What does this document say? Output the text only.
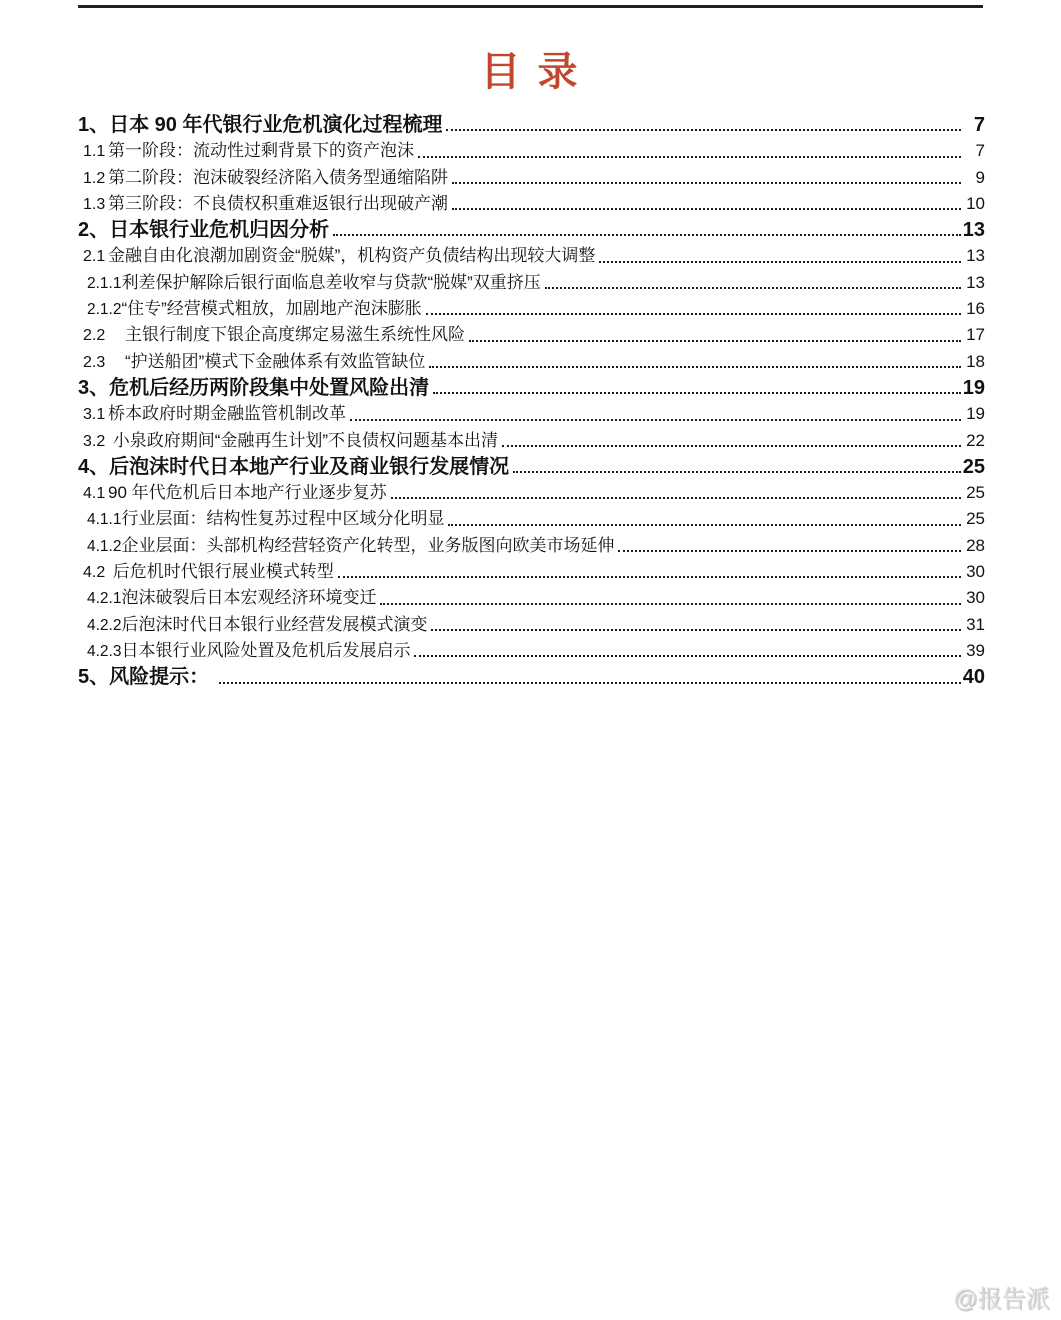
目 录
1、 日本 90 年代银行业危机演化过程梳理	7
1.1 第一阶段：流动性过剩背景下的资产泡沫	7
1.2 第二阶段：泡沫破裂经济陷入债务型通缩陷阱	9
1.3 第三阶段：不良债权积重难返银行出现破产潮	10
2、 日本银行业危机归因分析	13
2.1 金融自由化浪潮加剧资金“脱媒”，机构资产负债结构出现较大调整	13
2.1.1 利差保护解除后银行面临息差收窄与贷款“脱媒”双重挤压	13
2.1.2 “住专”经营模式粗放，加剧地产泡沫膨胀	16
2.2 　主银行制度下银企高度绑定易滋生系统性风险	17
2.3 　“护送船团”模式下金融体系有效监管缺位	18
3、 危机后经历两阶段集中处置风险出清	19
3.1 桥本政府时期金融监管机制改革	19
3.2 小泉政府期间“金融再生计划”不良债权问题基本出清	22
4、 后泡沫时代日本地产行业及商业银行发展情况	25
4.1 90 年代危机后日本地产行业逐步复苏	25
4.1.1 行业层面：结构性复苏过程中区域分化明显	25
4.1.2 企业层面：头部机构经营轻资产化转型，业务版图向欧美市场延伸	28
4.2 后危机时代银行展业模式转型	30
4.2.1 泡沫破裂后日本宏观经济环境变迁	30
4.2.2 后泡沫时代日本银行业经营发展模式演变	31
4.2.3 日本银行业风险处置及危机后发展启示	39
5、 风险提示：	40
@报告派
